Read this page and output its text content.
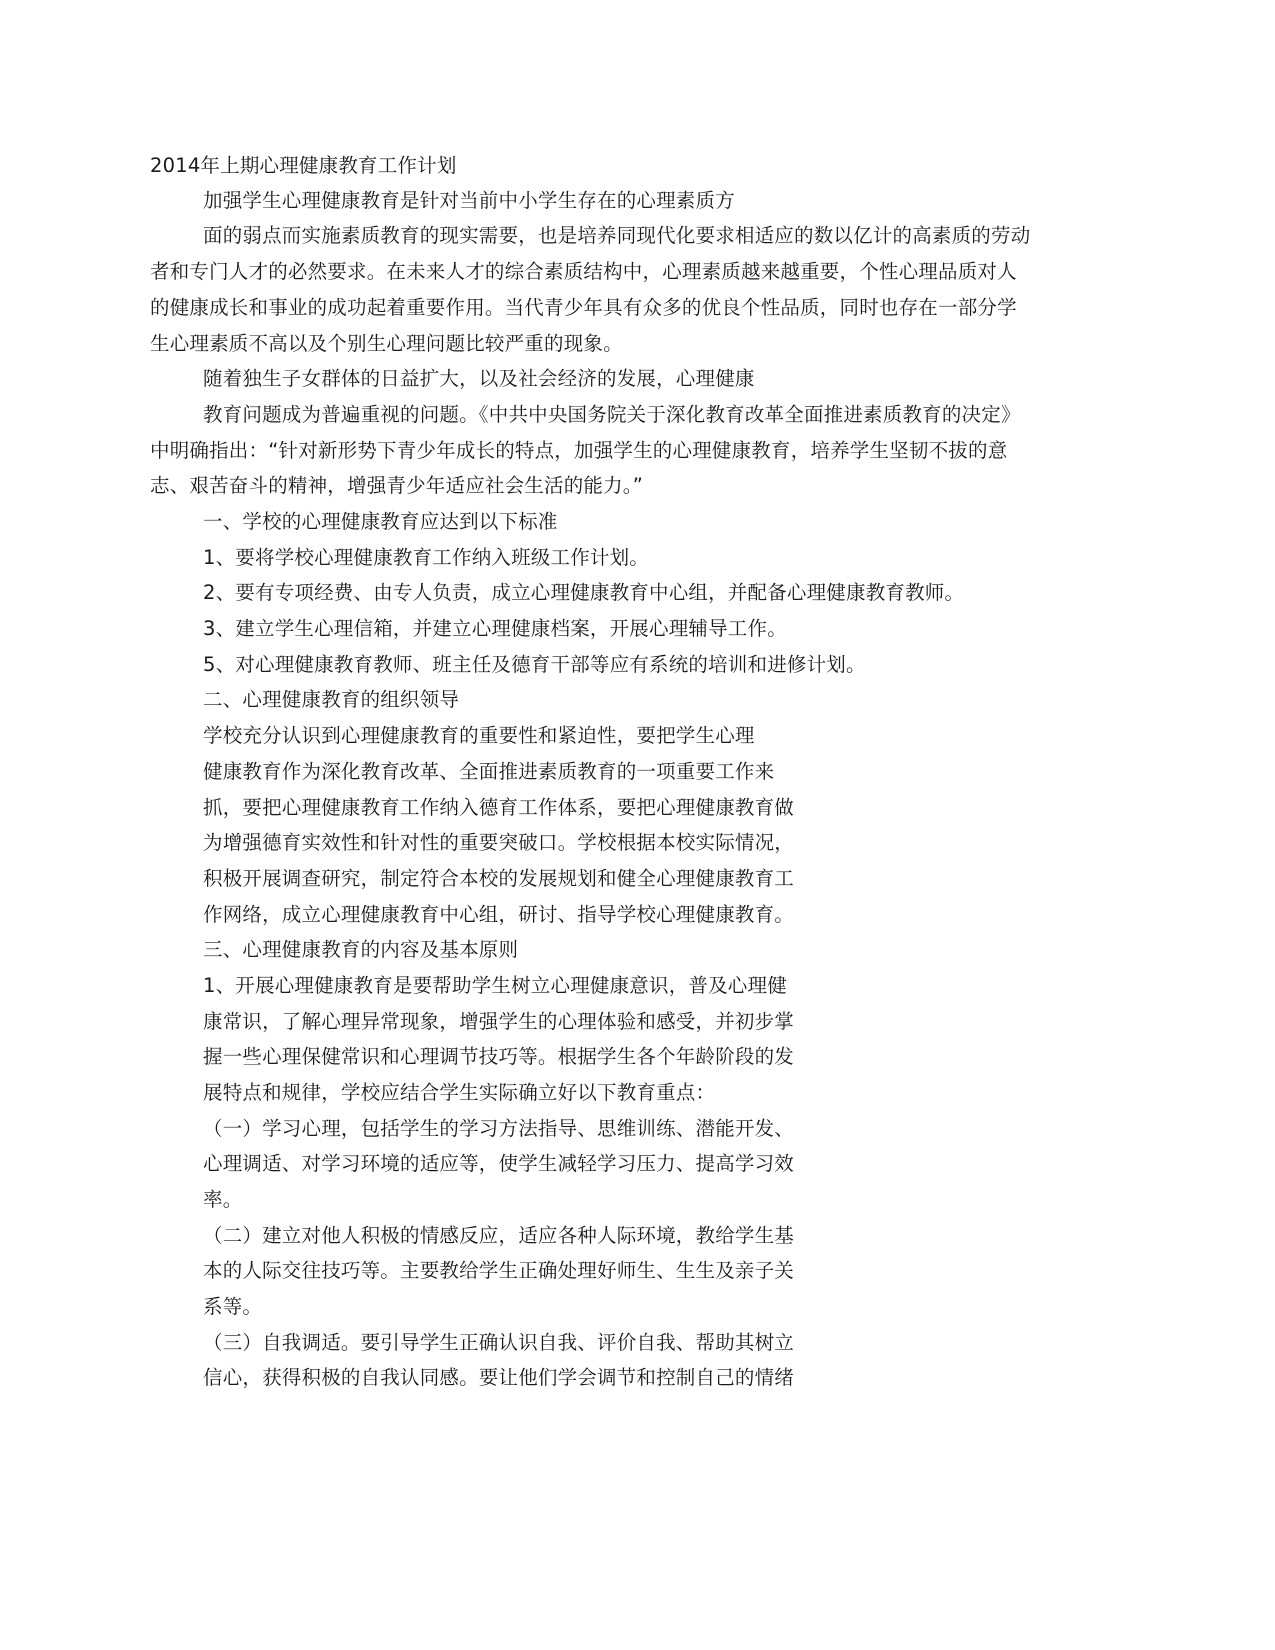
2014年上期心理健康教育工作计划
加强学生心理健康教育是针对当前中小学生存在的心理素质方
面的弱点而实施素质教育的现实需要，也是培养同现代化要求相适应的数以亿计的高素质的劳动
者和专门人才的必然要求。在未来人才的综合素质结构中，心理素质越来越重要，个性心理品质对人
的健康成长和事业的成功起着重要作用。当代青少年具有众多的优良个性品质，同时也存在一部分学
生心理素质不高以及个别生心理问题比较严重的现象。
随着独生子女群体的日益扩大，以及社会经济的发展，心理健康
教育问题成为普遍重视的问题。《中共中央国务院关于深化教育改革全面推进素质教育的决定》
中明确指出：“针对新形势下青少年成长的特点，加强学生的心理健康教育，培养学生坚韧不拔的意
志、艰苦奋斗的精神，增强青少年适应社会生活的能力。”
一、学校的心理健康教育应达到以下标准
1、要将学校心理健康教育工作纳入班级工作计划。
2、要有专项经费、由专人负责，成立心理健康教育中心组，并配备心理健康教育教师。
3、建立学生心理信箱，并建立心理健康档案，开展心理辅导工作。
5、对心理健康教育教师、班主任及德育干部等应有系统的培训和进修计划。
二、心理健康教育的组织领导
学校充分认识到心理健康教育的重要性和紧迫性，要把学生心理
健康教育作为深化教育改革、全面推进素质教育的一项重要工作来
抓，要把心理健康教育工作纳入德育工作体系，要把心理健康教育做
为增强德育实效性和针对性的重要突破口。学校根据本校实际情况，
积极开展调查研究，制定符合本校的发展规划和健全心理健康教育工
作网络，成立心理健康教育中心组，研讨、指导学校心理健康教育。
三、心理健康教育的内容及基本原则
1、开展心理健康教育是要帮助学生树立心理健康意识，普及心理健
康常识，了解心理异常现象，增强学生的心理体验和感受，并初步掌
握一些心理保健常识和心理调节技巧等。根据学生各个年龄阶段的发
展特点和规律，学校应结合学生实际确立好以下教育重点：
（一）学习心理，包括学生的学习方法指导、思维训练、潜能开发、
心理调适、对学习环境的适应等，使学生减轻学习压力、提高学习效
率。
（二）建立对他人积极的情感反应，适应各种人际环境，教给学生基
本的人际交往技巧等。主要教给学生正确处理好师生、生生及亲子关
系等。
（三）自我调适。要引导学生正确认识自我、评价自我、帮助其树立
信心，获得积极的自我认同感。要让他们学会调节和控制自己的情绪
